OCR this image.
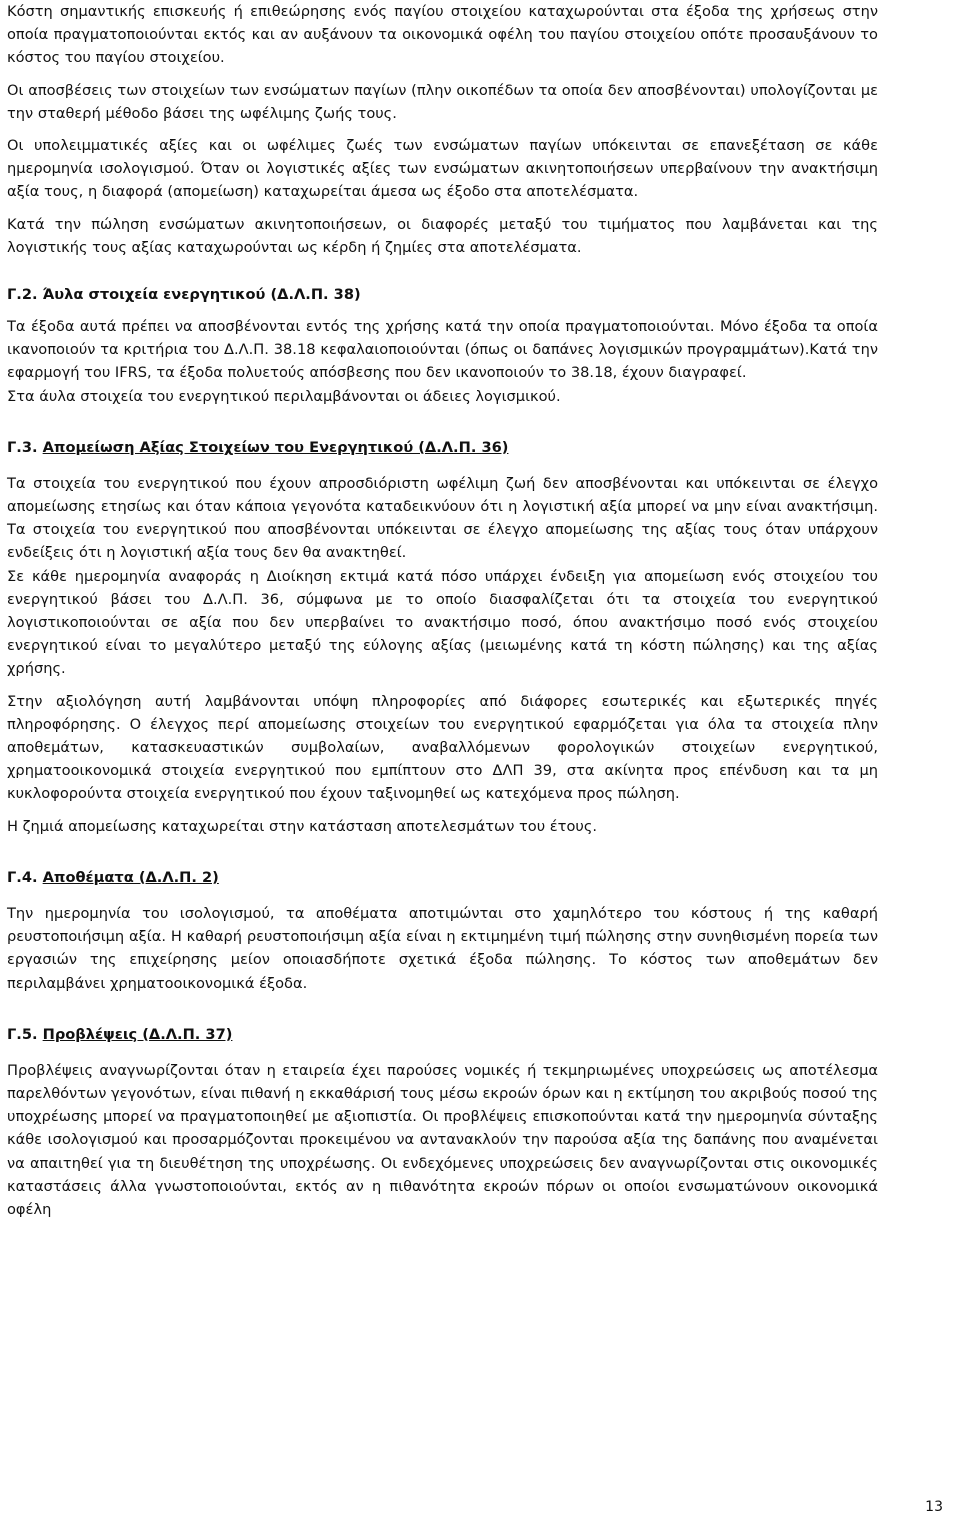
Κόστη σημαντικής επισκευής ή επιθεώρησης ενός παγίου στοιχείου καταχωρούνται στα έξοδα της χρήσεως στην οποία πραγματοποιούνται εκτός και αν αυξάνουν τα οικονομικά οφέλη του παγίου στοιχείου οπότε προσαυξάνουν το κόστος του παγίου στοιχείου.

Οι αποσβέσεις των στοιχείων των ενσώματων παγίων (πλην οικοπέδων τα οποία δεν αποσβένονται) υπολογίζονται με την σταθερή μέθοδο βάσει της ωφέλιμης ζωής τους.

Οι υπολειμματικές αξίες και οι ωφέλιμες ζωές των ενσώματων παγίων υπόκεινται σε επανεξέταση σε κάθε ημερομηνία ισολογισμού. Όταν οι λογιστικές αξίες των ενσώματων ακινητοποιήσεων υπερβαίνουν την ανακτήσιμη αξία τους, η διαφορά (απομείωση) καταχωρείται άμεσα ως έξοδο στα αποτελέσματα.

Κατά την πώληση ενσώματων ακινητοποιήσεων, οι διαφορές μεταξύ του τιμήματος που λαμβάνεται και της λογιστικής τους αξίας καταχωρούνται ως κέρδη ή ζημίες στα αποτελέσματα.

Γ.2. Άυλα στοιχεία ενεργητικού (Δ.Λ.Π. 38)

Τα έξοδα αυτά πρέπει να αποσβένονται εντός της χρήσης κατά την οποία πραγματοποιούνται. Μόνο έξοδα τα οποία ικανοποιούν τα κριτήρια του Δ.Λ.Π. 38.18 κεφαλαιοποιούνται (όπως οι δαπάνες λογισμικών προγραμμάτων).Κατά την εφαρμογή του IFRS, τα έξοδα πολυετούς απόσβεσης που δεν ικανοποιούν το 38.18, έχουν διαγραφεί.

Στα άυλα στοιχεία του ενεργητικού περιλαμβάνονται οι άδειες λογισμικού.

Γ.3. Απομείωση Αξίας Στοιχείων του Ενεργητικού (Δ.Λ.Π. 36)

Τα στοιχεία του ενεργητικού που έχουν απροσδιόριστη ωφέλιμη ζωή δεν αποσβένονται και υπόκεινται σε έλεγχο απομείωσης ετησίως και όταν κάποια γεγονότα καταδεικνύουν ότι η λογιστική αξία μπορεί να μην είναι ανακτήσιμη. Τα στοιχεία του ενεργητικού που αποσβένονται υπόκεινται σε έλεγχο απομείωσης της αξίας τους όταν υπάρχουν ενδείξεις ότι η λογιστική αξία τους δεν θα ανακτηθεί.

Σε κάθε ημερομηνία αναφοράς η Διοίκηση εκτιμά κατά πόσο υπάρχει ένδειξη για απομείωση ενός στοιχείου του ενεργητικού βάσει του Δ.Λ.Π. 36, σύμφωνα με το οποίο διασφαλίζεται ότι τα στοιχεία του ενεργητικού λογιστικοποιούνται σε αξία που δεν υπερβαίνει το ανακτήσιμο ποσό, όπου ανακτήσιμο ποσό ενός στοιχείου ενεργητικού είναι το μεγαλύτερο μεταξύ της εύλογης αξίας (μειωμένης κατά τη κόστη πώλησης) και της αξίας χρήσης.

Στην αξιολόγηση αυτή λαμβάνονται υπόψη πληροφορίες από διάφορες εσωτερικές και εξωτερικές πηγές πληροφόρησης. Ο έλεγχος περί απομείωσης στοιχείων του ενεργητικού εφαρμόζεται για όλα τα στοιχεία πλην αποθεμάτων, κατασκευαστικών συμβολαίων, αναβαλλόμενων φορολογικών στοιχείων ενεργητικού, χρηματοοικονομικά στοιχεία ενεργητικού που εμπίπτουν στο ΔΛΠ 39, στα ακίνητα προς επένδυση και τα μη κυκλοφορούντα στοιχεία ενεργητικού που έχουν ταξινομηθεί ως κατεχόμενα προς πώληση.

Η ζημιά απομείωσης καταχωρείται στην κατάσταση αποτελεσμάτων του έτους.

Γ.4. Αποθέματα (Δ.Λ.Π. 2)

Την ημερομηνία του ισολογισμού, τα αποθέματα αποτιμώνται στο χαμηλότερο του κόστους ή της καθαρή ρευστοποιήσιμη αξία. Η καθαρή ρευστοποιήσιμη αξία είναι η εκτιμημένη τιμή πώλησης στην συνηθισμένη πορεία των εργασιών της επιχείρησης μείον οποιασδήποτε σχετικά έξοδα πώλησης. Το κόστος των αποθεμάτων δεν περιλαμβάνει χρηματοοικονομικά έξοδα.

Γ.5. Προβλέψεις (Δ.Λ.Π. 37)

Προβλέψεις αναγνωρίζονται όταν η εταιρεία έχει παρούσες νομικές ή τεκμηριωμένες υποχρεώσεις ως αποτέλεσμα παρελθόντων γεγονότων, είναι πιθανή η εκκαθάρισή τους μέσω εκροών όρων και η εκτίμηση του ακριβούς ποσού της υποχρέωσης μπορεί να πραγματοποιηθεί με αξιοπιστία. Οι προβλέψεις επισκοπούνται κατά την ημερομηνία σύνταξης κάθε ισολογισμού και προσαρμόζονται προκειμένου να αντανακλούν την παρούσα αξία της δαπάνης που αναμένεται να απαιτηθεί για τη διευθέτηση της υποχρέωσης. Οι ενδεχόμενες υποχρεώσεις δεν αναγνωρίζονται στις οικονομικές καταστάσεις άλλα γνωστοποιούνται, εκτός αν η πιθανότητα εκροών πόρων οι οποίοι ενσωματώνουν οικονομικά οφέλη

13
